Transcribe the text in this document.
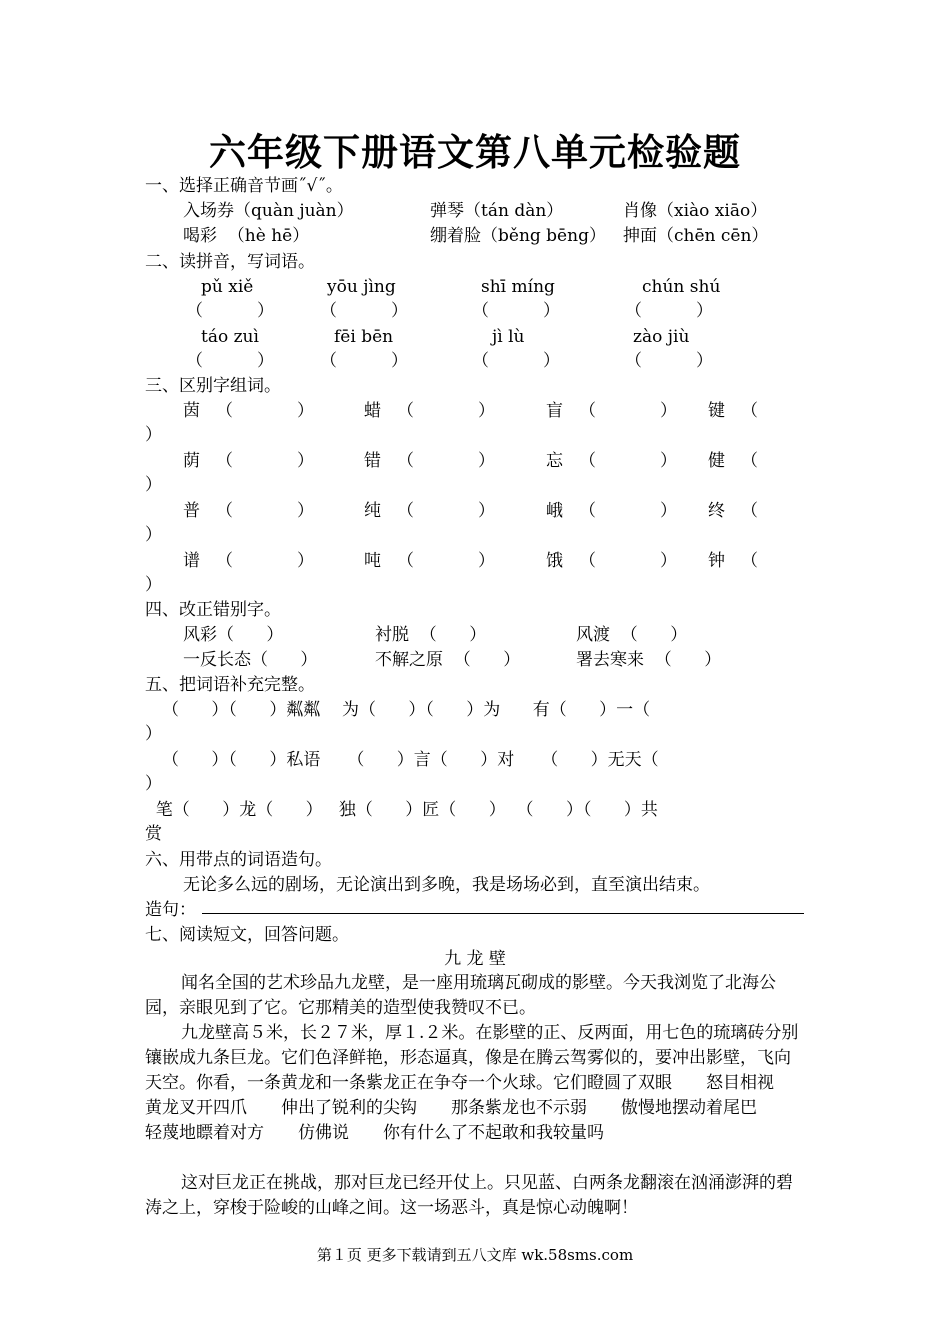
六年级下册语文第八单元检验题
一、选择正确音节画˝√˝。
入场券（quàn juàn）	弹琴（tán dàn）	肖像（xiào xiāo）
喝彩  （hè hē）	绷着脸（běng bēng） 抻面（chēn cēn）
二、读拼音，写词语。
pǔ xiě	yōu jìng	shī míng	chún shú
（          ）	（          ）	（          ）	（          ）
táo zuì	fēi bēn	jì lù	zào jiù
（          ）	（          ）	（          ）	（          ）
三、区别字组词。
茵 （	）	蜡 （	）	盲 （	） 键 （
）
荫 （	）	错 （	）	忘 （	） 健 （
）
普 （	）	纯 （	）	峨 （	） 终 （
）
谱 （	）	吨 （	）	饿 （	） 钟 （
）
四、改正错别字。
风彩（      ）	衬脱  （      ）	风渡  （      ）
一反长态（      ）	不解之原  （      ）	署去寒来  （      ）
五、把词语补充完整。
（      ）（      ）粼粼    为（      ）（      ）为      有（      ）一（
）
（      ）（      ）私语     （      ）言（      ）对     （      ）无天（
）
笔（      ）龙（      ）   独（      ）匠（      ）  （      ）（      ）共
赏
六、用带点的词语造句。
无论多么远的剧场，无论演出到多晚，我是场场必到，直至演出结束。
造句：
七、阅读短文，回答问题。
九 龙 壁
闻名全国的艺术珍品九龙壁，是一座用琉璃瓦砌成的影壁。今天我浏览了北海公园，亲眼见到了它。它那精美的造型使我赞叹不已。
九龙壁高５米，长２７米，厚１.２米。在影壁的正、反两面，用七色的琉璃砖分别镶嵌成九条巨龙。它们色泽鲜艳，形态逼真，像是在腾云驾雾似的，要冲出影壁，飞向天空。你看，一条黄龙和一条紫龙正在争夺一个火球。它们瞪圆了双眼　　怒目相视　　黄龙叉开四爪　　伸出了锐利的尖钩　　那条紫龙也不示弱　　傲慢地摆动着尾巴　　轻蔑地瞟着对方　　仿佛说　　你有什么了不起敢和我较量吗
这对巨龙正在挑战，那对巨龙已经开仗上。只见蓝、白两条龙翻滚在汹涌澎湃的碧涛之上，穿梭于险峻的山峰之间。这一场恶斗，真是惊心动魄啊！
第１页 更多下载请到五八文库 wk.58sms.com
